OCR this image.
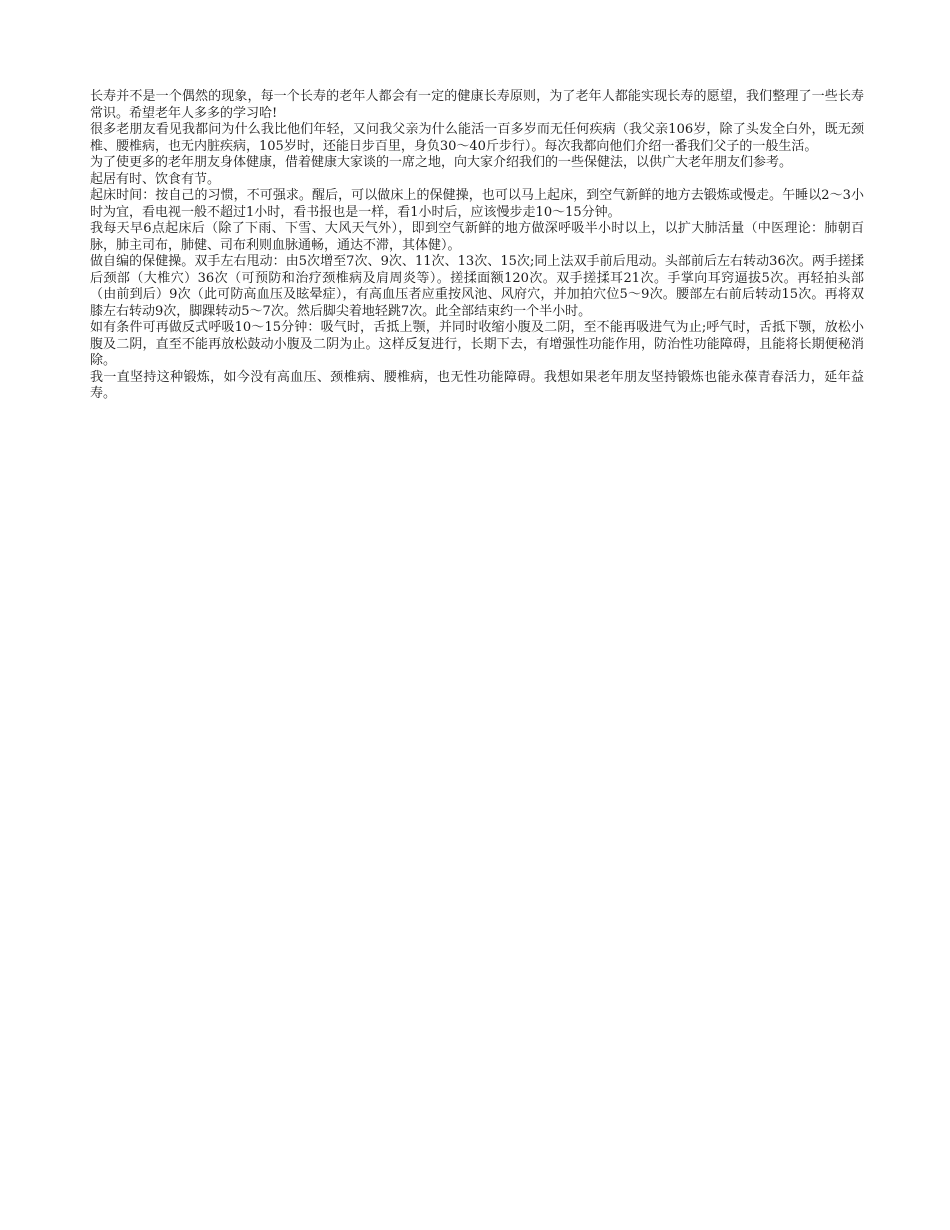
长寿并不是一个偶然的现象，每一个长寿的老年人都会有一定的健康长寿原则，为了老年人都能实现长寿的愿望，我们整理了一些长寿常识。希望老年人多多的学习哈!

很多老朋友看见我都问为什么我比他们年轻，又问我父亲为什么能活一百多岁而无任何疾病（我父亲106岁，除了头发全白外，既无颈椎、腰椎病，也无内脏疾病，105岁时，还能日步百里，身负30～40斤步行）。每次我都向他们介绍一番我们父子的一般生活。

为了使更多的老年朋友身体健康，借着健康大家谈的一席之地，向大家介绍我们的一些保健法，以供广大老年朋友们参考。

起居有时、饮食有节。

起床时间：按自己的习惯，不可强求。醒后，可以做床上的保健操，也可以马上起床，到空气新鲜的地方去锻炼或慢走。午睡以2～3小时为宜，看电视一般不超过1小时，看书报也是一样，看1小时后，应该慢步走10～15分钟。

我每天早6点起床后（除了下雨、下雪、大风天气外），即到空气新鲜的地方做深呼吸半小时以上，以扩大肺活量（中医理论：肺朝百脉，肺主司布，肺健、司布利则血脉通畅，通达不滞，其体健）。

做自编的保健操。双手左右甩动：由5次增至7次、9次、11次、13次、15次;同上法双手前后甩动。头部前后左右转动36次。两手搓揉后颈部（大椎穴）36次（可预防和治疗颈椎病及肩周炎等）。搓揉面额120次。双手搓揉耳21次。手掌向耳窍逼拔5次。再轻拍头部（由前到后）9次（此可防高血压及眩晕症），有高血压者应重按风池、风府穴，并加拍穴位5～9次。腰部左右前后转动15次。再将双膝左右转动9次，脚踝转动5～7次。然后脚尖着地轻跳7次。此全部结束约一个半小时。

如有条件可再做反式呼吸10～15分钟：吸气时，舌抵上颚，并同时收缩小腹及二阴，至不能再吸进气为止;呼气时，舌抵下颚，放松小腹及二阴，直至不能再放松鼓动小腹及二阴为止。这样反复进行，长期下去，有增强性功能作用，防治性功能障碍，且能将长期便秘消除。

我一直坚持这种锻炼，如今没有高血压、颈椎病、腰椎病，也无性功能障碍。我想如果老年朋友坚持锻炼也能永葆青春活力，延年益寿。
